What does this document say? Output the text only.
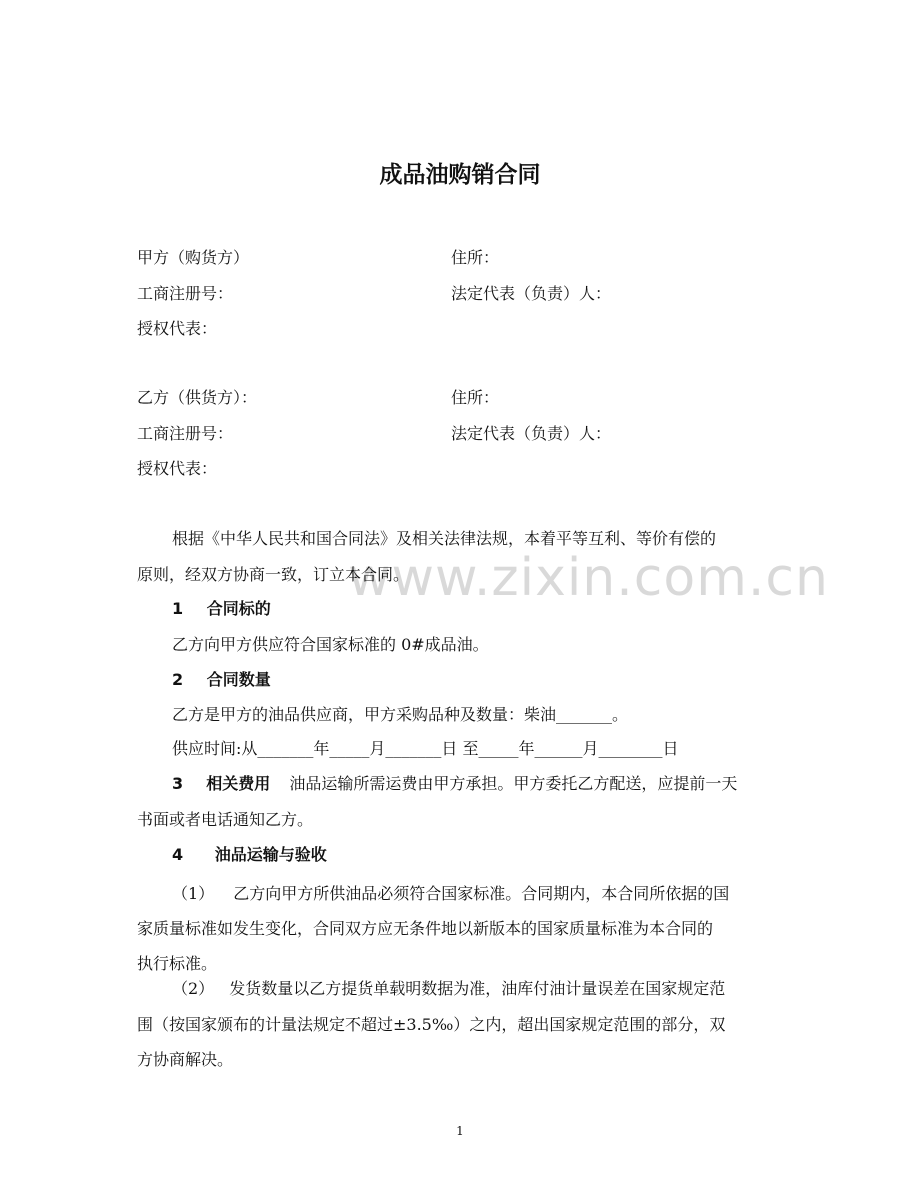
成品油购销合同
甲方（购货方）	住所：
工商注册号：	法定代表（负责）人：
授权代表：
乙方（供货方）：	住所：
工商注册号：	法定代表（负责）人：
授权代表：
www.zixin.com.cn
根据《中华人民共和国合同法》及相关法律法规，本着平等互利、等价有偿的
原则，经双方协商一致，订立本合同。
1 合同标的
乙方向甲方供应符合国家标准的 0#成品油。
2 合同数量
乙方是甲方的油品供应商，甲方采购品种及数量：柴油_______。
供应时间:从_______年_____月_______日 至_____年______月________日
3 相关费用 油品运输所需运费由甲方承担。甲方委托乙方配送，应提前一天
书面或者电话通知乙方。
4 油品运输与验收
（1） 乙方向甲方所供油品必须符合国家标准。合同期内，本合同所依据的国
家质量标准如发生变化，合同双方应无条件地以新版本的国家质量标准为本合同的
执行标准。
（2） 发货数量以乙方提货单载明数据为准，油库付油计量误差在国家规定范
围（按国家颁布的计量法规定不超过±3.5‰）之内，超出国家规定范围的部分，双
方协商解决。
1
